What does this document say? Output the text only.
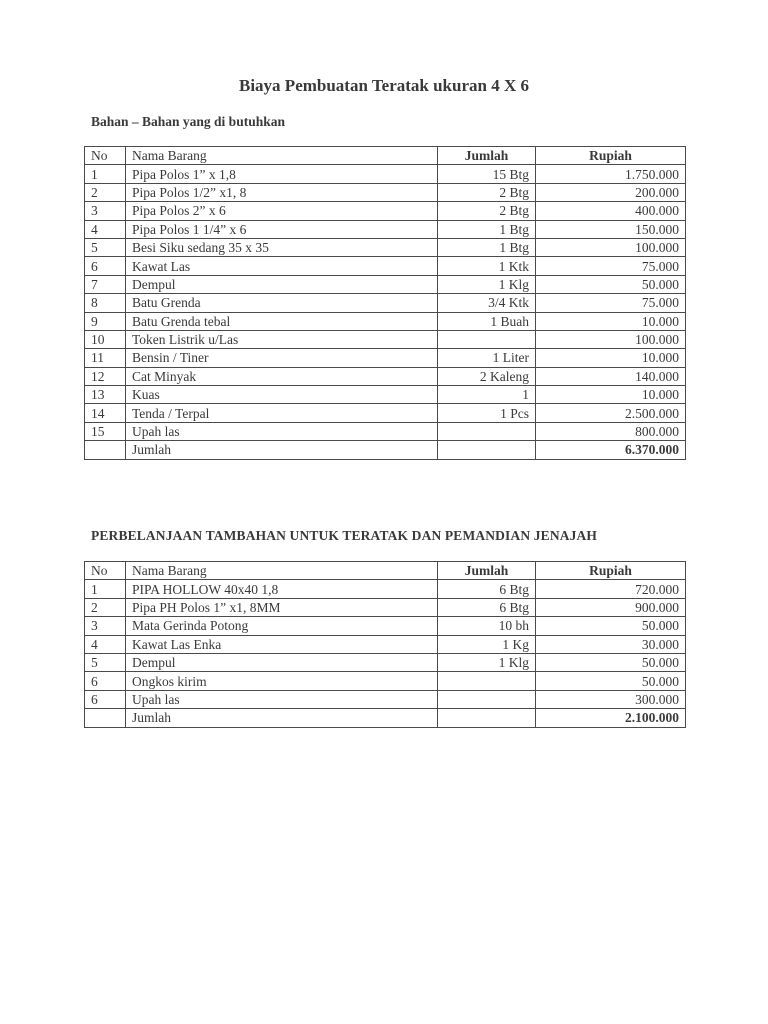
Biaya Pembuatan Teratak ukuran 4 X 6
Bahan – Bahan yang di butuhkan
No	Nama Barang	Jumlah	Rupiah
1	Pipa Polos 1” x 1,8	15 Btg	1.750.000
2	Pipa Polos 1/2” x1, 8	2 Btg	200.000
3	Pipa Polos 2” x 6	2 Btg	400.000
4	Pipa Polos 1 1/4” x 6	1 Btg	150.000
5	Besi Siku sedang 35 x 35	1 Btg	100.000
6	Kawat Las	1 Ktk	75.000
7	Dempul	1 Klg	50.000
8	Batu Grenda	3/4 Ktk	75.000
9	Batu Grenda tebal	1 Buah	10.000
10	Token Listrik u/Las		100.000
11	Bensin / Tiner	1 Liter	10.000
12	Cat Minyak	2 Kaleng	140.000
13	Kuas	1	10.000
14	Tenda / Terpal	1 Pcs	2.500.000
15	Upah las		800.000
	Jumlah		6.370.000
PERBELANJAAN TAMBAHAN UNTUK TERATAK DAN PEMANDIAN JENAJAH
No	Nama Barang	Jumlah	Rupiah
1	PIPA HOLLOW 40x40 1,8	6 Btg	720.000
2	Pipa PH Polos 1” x1, 8MM	6 Btg	900.000
3	Mata Gerinda Potong	10 bh	50.000
4	Kawat Las Enka	1 Kg	30.000
5	Dempul	1 Klg	50.000
6	Ongkos kirim		50.000
6	Upah las		300.000
	Jumlah		2.100.000
